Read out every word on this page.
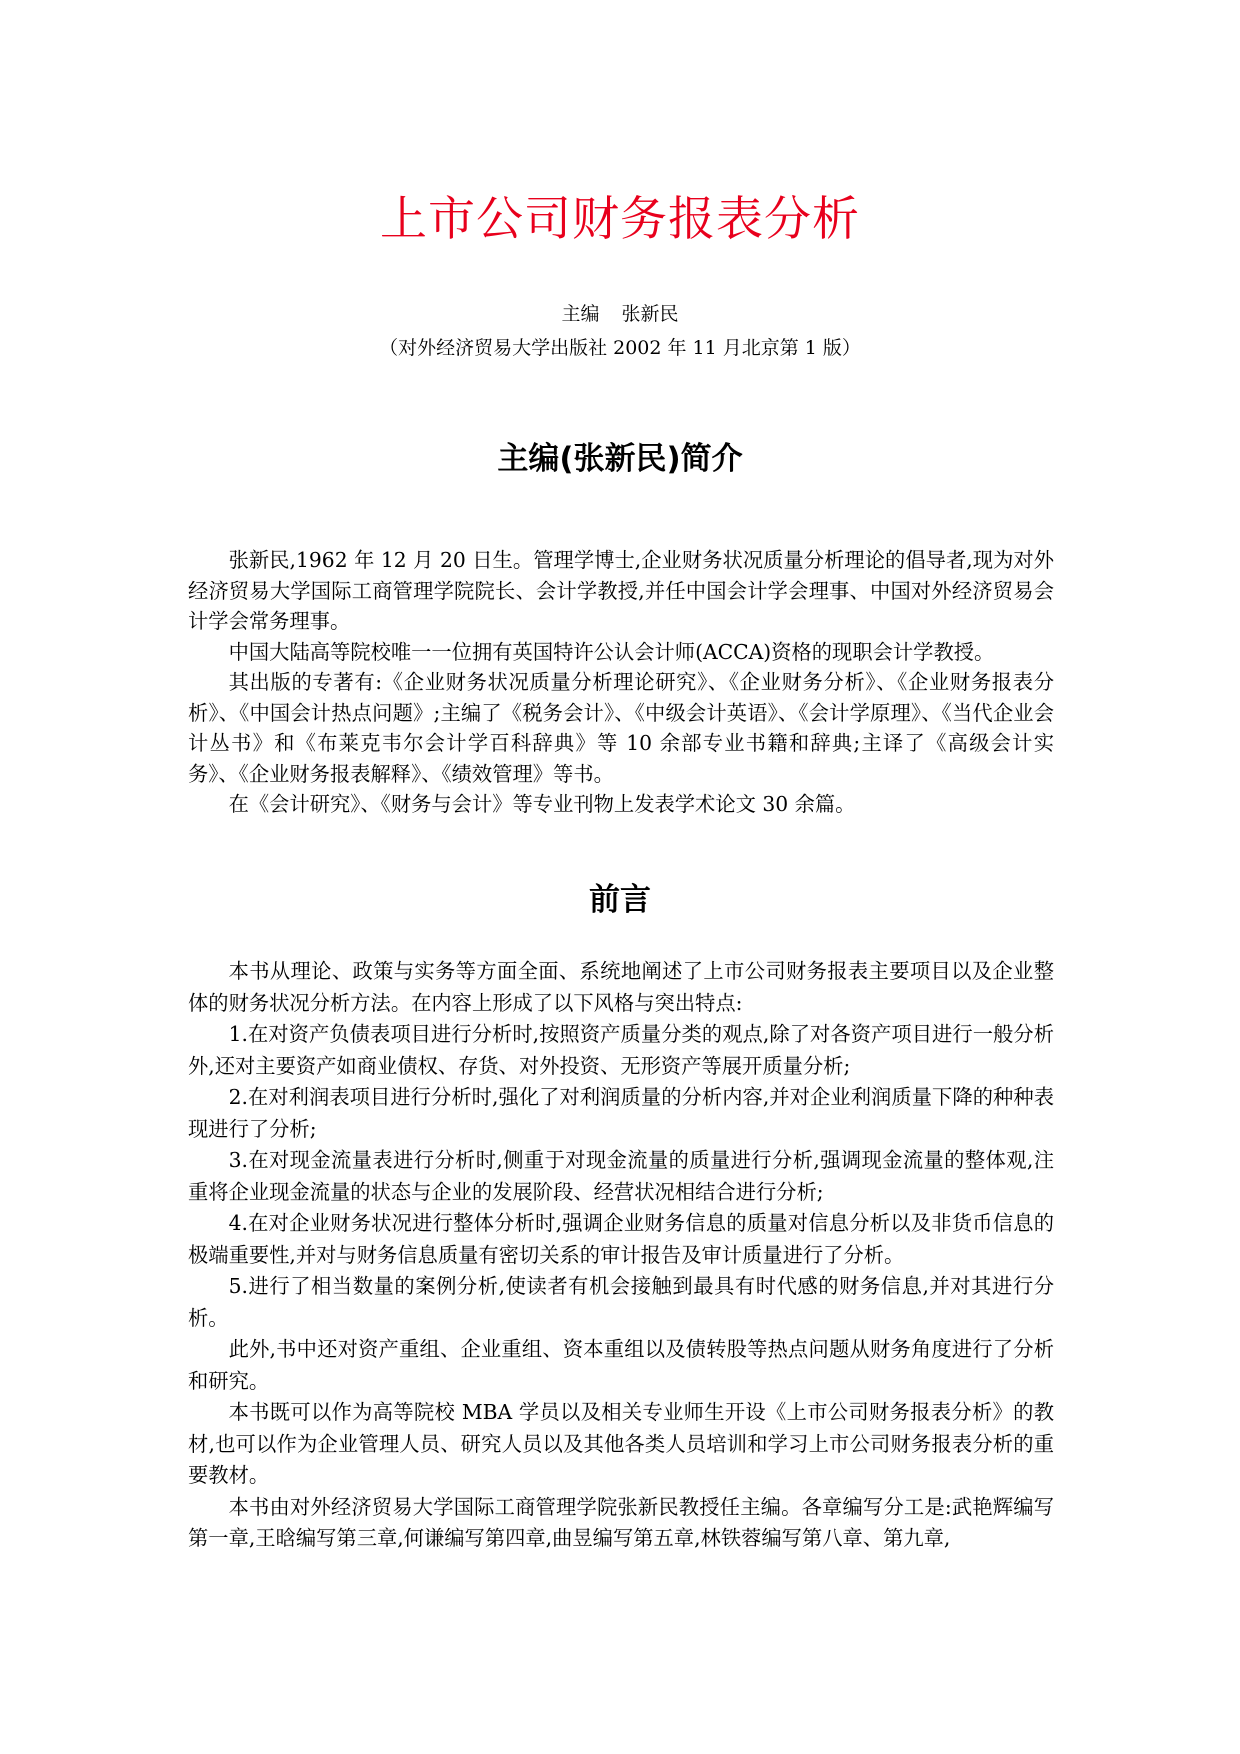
上市公司财务报表分析

主编 张新民

（对外经济贸易大学出版社 2002 年 11 月北京第 1 版）

主编(张新民)简介

张新民,1962 年 12 月 20 日生。管理学博士,企业财务状况质量分析理论的倡导者,现为对外经济贸易大学国际工商管理学院院长、会计学教授,并任中国会计学会理事、中国对外经济贸易会计学会常务理事。

中国大陆高等院校唯一一位拥有英国特许公认会计师(ACCA)资格的现职会计学教授。

其出版的专著有:《企业财务状况质量分析理论研究》、《企业财务分析》、《企业财务报表分析》、《中国会计热点问题》;主编了《税务会计》、《中级会计英语》、《会计学原理》、《当代企业会计丛书》和《布莱克韦尔会计学百科辞典》等 10 余部专业书籍和辞典;主译了《高级会计实务》、《企业财务报表解释》、《绩效管理》等书。

在《会计研究》、《财务与会计》等专业刊物上发表学术论文 30 余篇。

前言

本书从理论、政策与实务等方面全面、系统地阐述了上市公司财务报表主要项目以及企业整体的财务状况分析方法。在内容上形成了以下风格与突出特点:

1.在对资产负债表项目进行分析时,按照资产质量分类的观点,除了对各资产项目进行一般分析外,还对主要资产如商业债权、存货、对外投资、无形资产等展开质量分析;

2.在对利润表项目进行分析时,强化了对利润质量的分析内容,并对企业利润质量下降的种种表现进行了分析;

3.在对现金流量表进行分析时,侧重于对现金流量的质量进行分析,强调现金流量的整体观,注重将企业现金流量的状态与企业的发展阶段、经营状况相结合进行分析;

4.在对企业财务状况进行整体分析时,强调企业财务信息的质量对信息分析以及非货币信息的极端重要性,并对与财务信息质量有密切关系的审计报告及审计质量进行了分析。

5.进行了相当数量的案例分析,使读者有机会接触到最具有时代感的财务信息,并对其进行分析。

此外,书中还对资产重组、企业重组、资本重组以及债转股等热点问题从财务角度进行了分析和研究。

本书既可以作为高等院校 MBA 学员以及相关专业师生开设《上市公司财务报表分析》的教材,也可以作为企业管理人员、研究人员以及其他各类人员培训和学习上市公司财务报表分析的重要教材。

本书由对外经济贸易大学国际工商管理学院张新民教授任主编。各章编写分工是:武艳辉编写第一章,王晗编写第三章,何谦编写第四章,曲昱编写第五章,林铁蓉编写第八章、第九章,
